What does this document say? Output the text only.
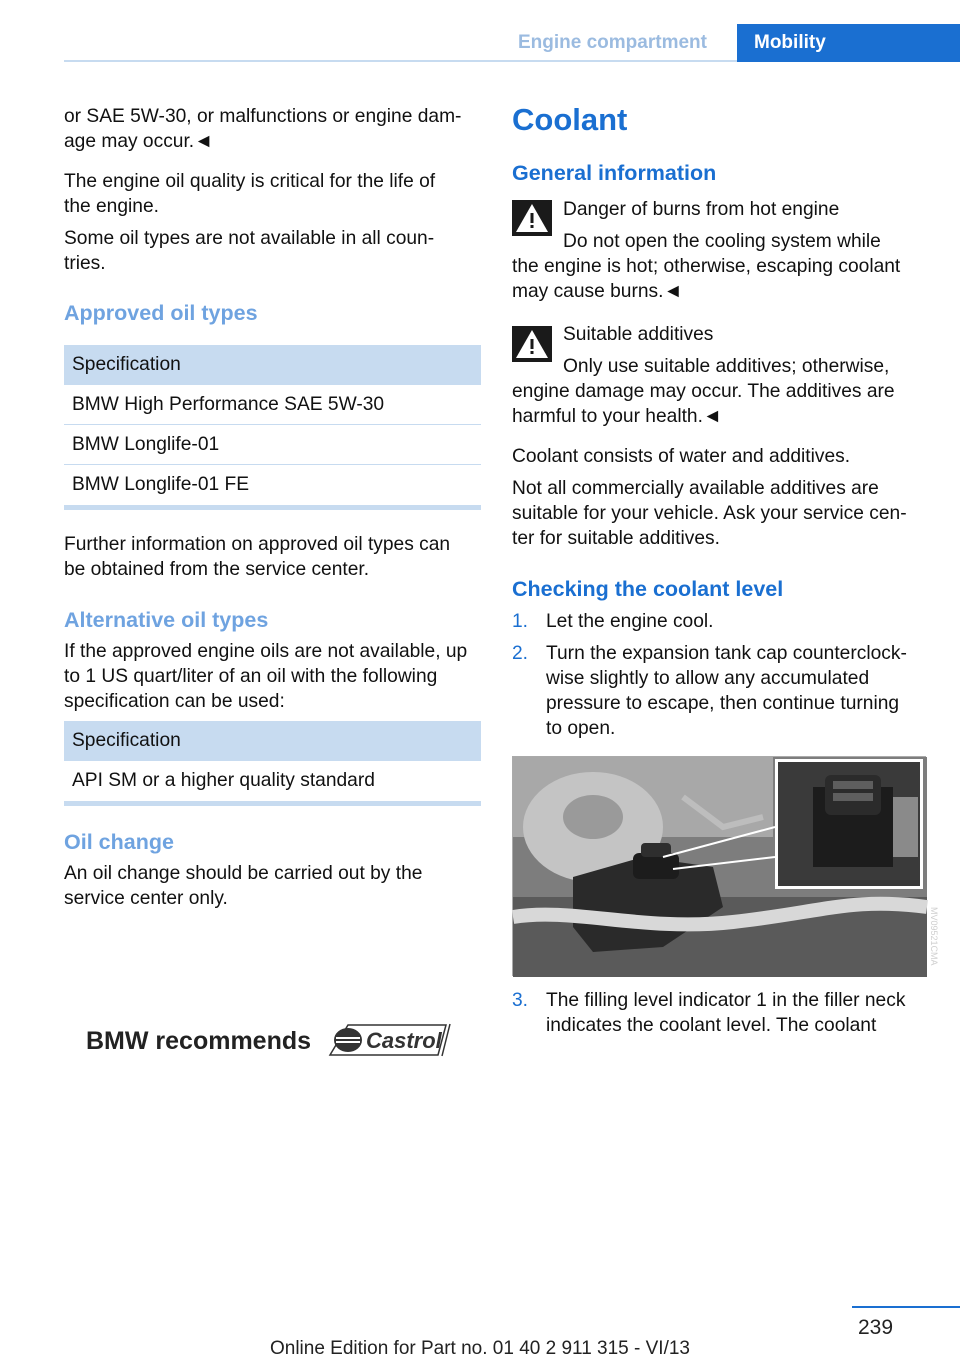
Engine compartment	Mobility

or SAE 5W-30, or malfunctions or engine dam-

age may occur.◄

The engine oil quality is critical for the life of

the engine.

Some oil types are not available in all coun-

tries.

Approved oil types
Specification
BMW High Performance SAE 5W-30
BMW Longlife-01
BMW Longlife-01 FE

Further information on approved oil types can

be obtained from the service center.

Alternative oil types

If the approved engine oils are not available, up

to 1 US quart/liter of an oil with the following

specification can be used:

Specification
API SM or a higher quality standard
Oil change

An oil change should be carried out by the

service center only.

BMW recommends Castrol
Coolant
General information

Danger of burns from hot engine

Do not open the cooling system while

the engine is hot; otherwise, escaping coolant

may cause burns.◄

Suitable additives

Only use suitable additives; otherwise,

engine damage may occur. The additives are

harmful to your health.◄

Coolant consists of water and additives.

Not all commercially available additives are

suitable for your vehicle. Ask your service cen-

ter for suitable additives.

Checking the coolant level
1. Let the engine cool.
2. Turn the expansion tank cap counterclock-
wise slightly to allow any accumulated
pressure to escape, then continue turning
to open.
MV09521CMA
3. The filling level indicator 1 in the filler neck
indicates the coolant level. The coolant
239
Online Edition for Part no. 01 40 2 911 315 - VI/13
